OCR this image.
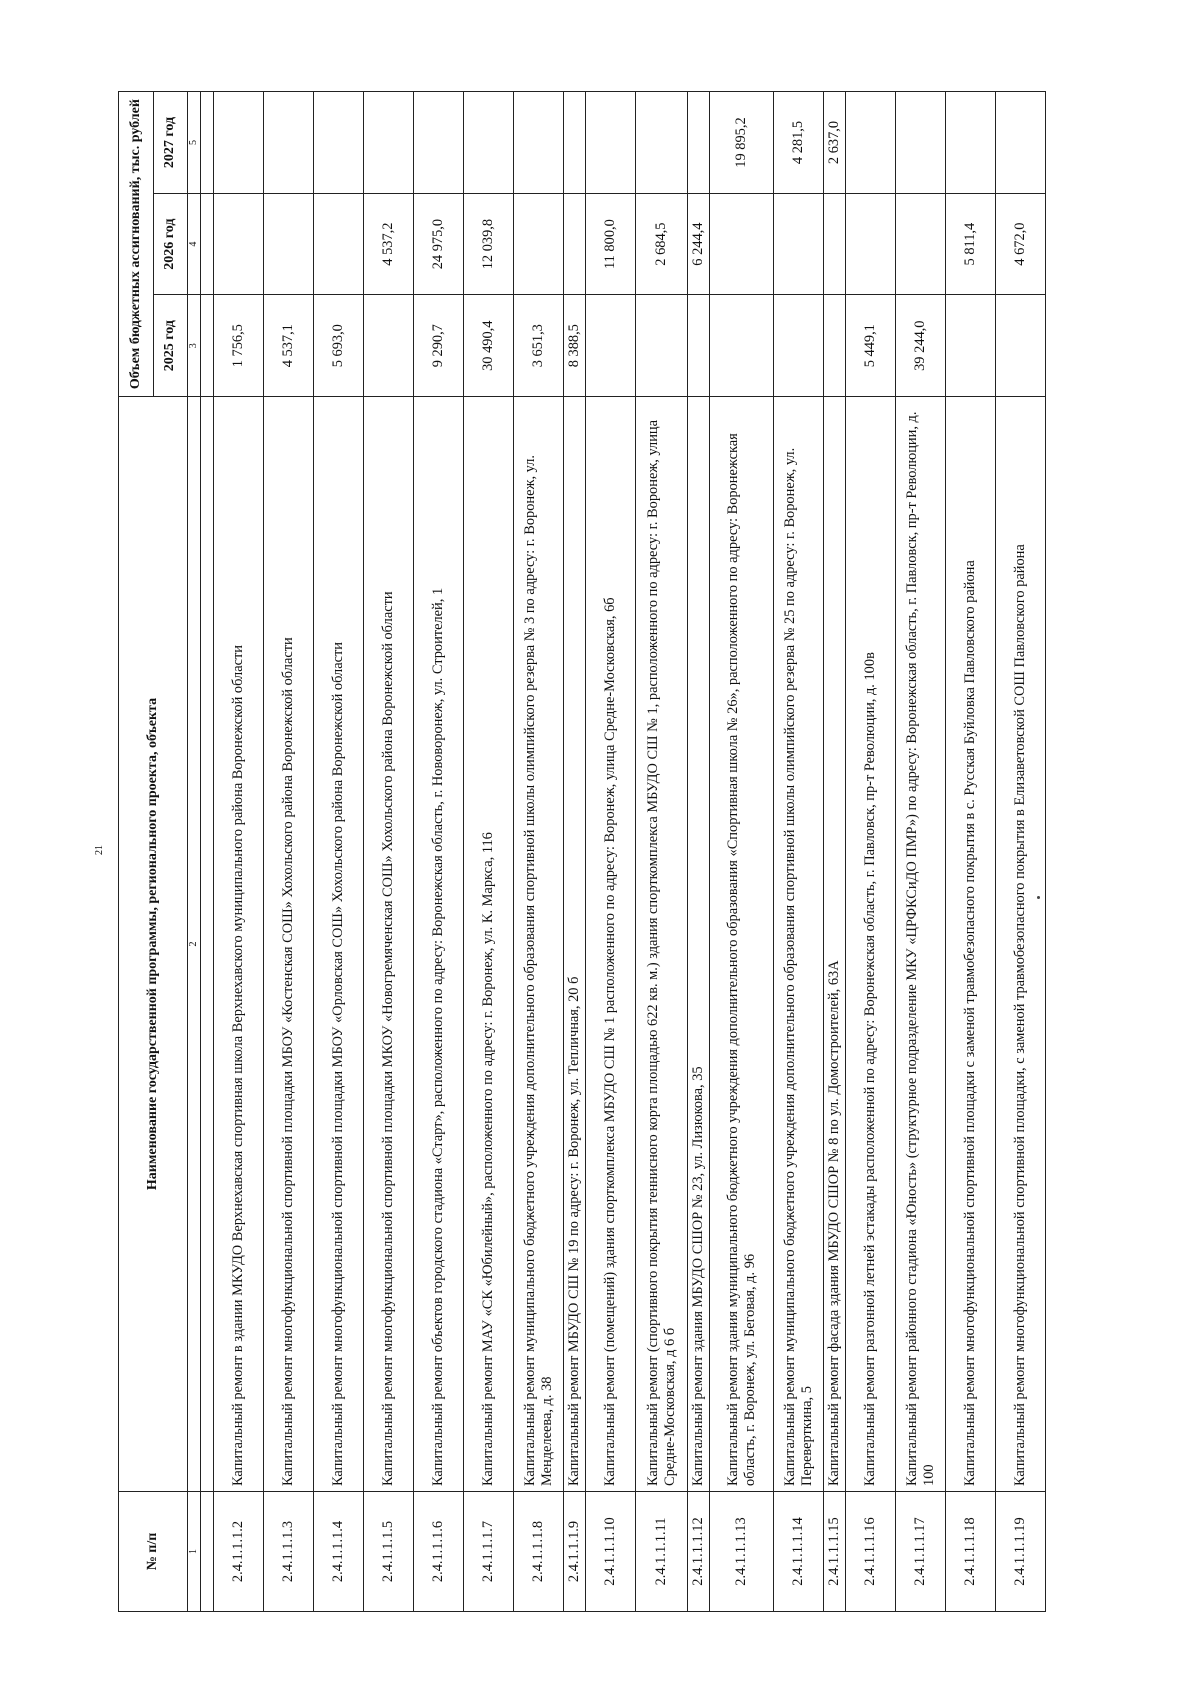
21
№ п/п	Наименование государственной программы, регионального проекта, объекта	Объем бюджетных ассигнований, тыс. рублей		
		2025 год	2026 год	2027 год
1	2	3	4	5

2.4.1.1.1.2	Капитальный ремонт в здании МКУДО Верхнехавская спортивная школа Верхнехавского муниципального района Воронежской области	1 756,5		
2.4.1.1.1.3	Капитальный ремонт многофункциональной спортивной площадки МБОУ «Костенская СОШ» Хохольского района Воронежской области	4 537,1		
2.4.1.1.1.4	Капитальный ремонт многофункциональной спортивной площадки МБОУ «Орловская СОШ» Хохольского района Воронежской области	5 693,0		
2.4.1.1.1.5	Капитальный ремонт многофункциональной спортивной площадки МКОУ «Новогремяченская СОШ» Хохольского района Воронежской области		4 537,2	
2.4.1.1.1.6	Капитальный ремонт объектов городского стадиона «Старт», расположенного по адресу: Воронежская область, г. Нововоронеж, ул. Строителей, 1	9 290,7	24 975,0	
2.4.1.1.1.7	Капитальный ремонт МАУ «СК «Юбилейный», расположенного по адресу: г. Воронеж, ул. К. Маркса, 116	30 490,4	12 039,8	
2.4.1.1.1.8	Капитальный ремонт муниципального бюджетного учреждения дополнительного образования спортивной школы олимпийского резерва № 3 по адресу: г. Воронеж, ул. Менделеева, д. 38	3 651,3		
2.4.1.1.1.9	Капитальный ремонт МБУДО СШ № 19 по адресу: г. Воронеж, ул. Тепличная, 20 б	8 388,5		
2.4.1.1.1.10	Капитальный ремонт (помещений) здания спорткомплекса МБУДО СШ № 1 расположенного по адресу: Воронеж, улица Средне-Московская, 6б		11 800,0	
2.4.1.1.1.11	Капитальный ремонт (спортивного покрытия теннисного корта площадью 622 кв. м.) здания спорткомплекса МБУДО СШ № 1, расположенного по адресу: г. Воронеж, улица Средне-Московская, д 6 б		2 684,5	
2.4.1.1.1.12	Капитальный ремонт здания МБУДО СШОР № 23, ул. Лизюкова, 35		6 244,4	
2.4.1.1.1.13	Капитальный ремонт здания муниципального бюджетного учреждения дополнительного образования «Спортивная школа № 26», расположенного по адресу: Воронежская область, г. Воронеж, ул. Беговая, д. 96			19 895,2
2.4.1.1.1.14	Капитальный ремонт муниципального бюджетного учреждения дополнительного образования спортивной школы олимпийского резерва № 25 по адресу: г. Воронеж, ул. Переверткина, 5			4 281,5
2.4.1.1.1.15	Капитальный ремонт фасада здания МБУДО СШОР № 8 по ул. Домостроителей, 63А			2 637,0
2.4.1.1.1.16	Капитальный ремонт разгонной летней эстакады расположенной по адресу: Воронежская область, г. Павловск, пр-т Революции, д. 100в	5 449,1		
2.4.1.1.1.17	Капитальный ремонт районного стадиона «Юность» (структурное подразделение МКУ «ЦРФКСиДО ПМР») по адресу: Воронежская область, г. Павловск, пр-т Революции, д. 100	39 244,0		
2.4.1.1.1.18	Капитальный ремонт многофункциональной спортивной площадки с заменой травмобезопасного покрытия в с. Русская Буйловка Павловского района		5 811,4	
2.4.1.1.1.19	Капитальный ремонт многофункциональной спортивной площадки, с заменой травмобезопасного покрытия в Елизаветовской СОШ Павловского района		4 672,0	
